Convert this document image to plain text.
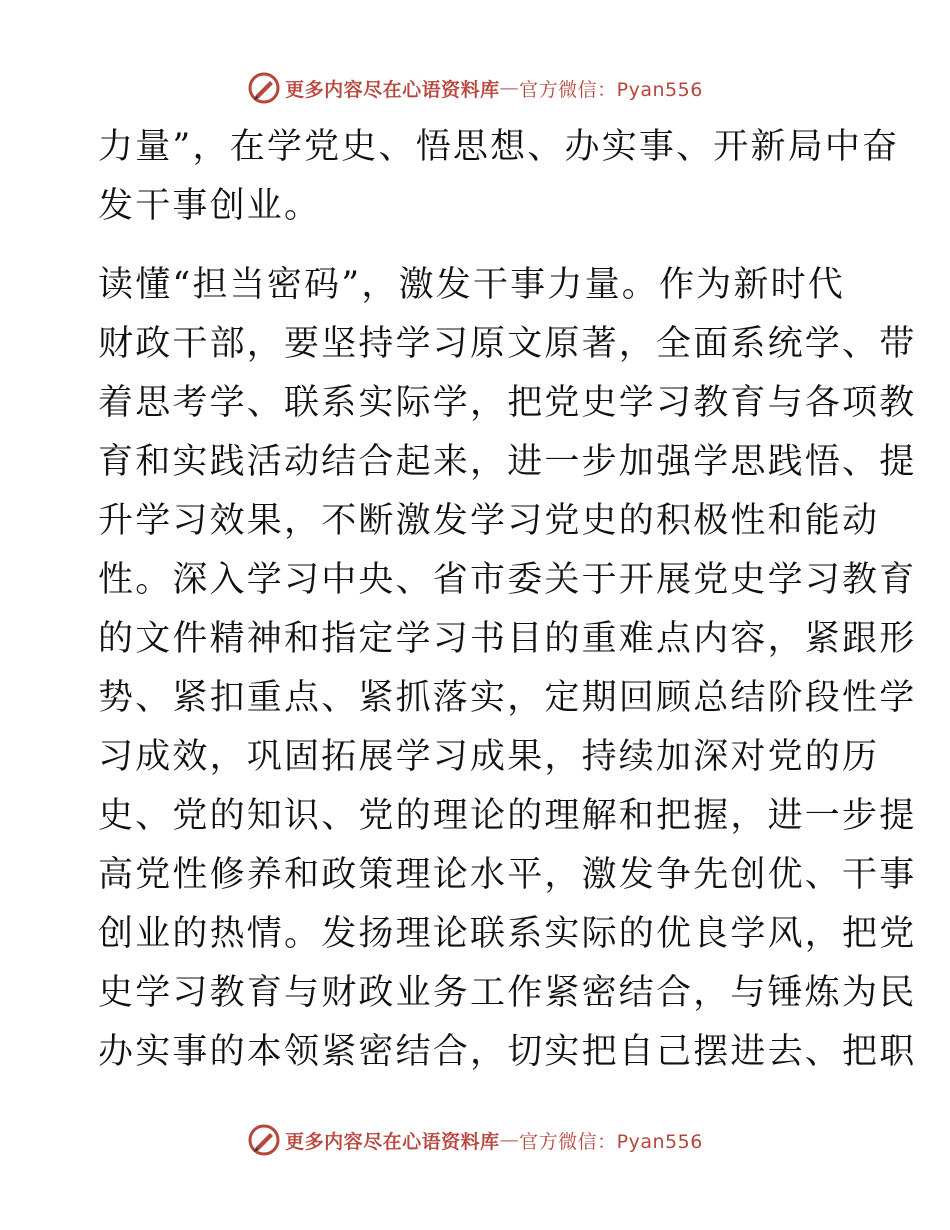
更多内容尽在心语资料库 — 官方微信：Pyan556
力量”，在学党史、悟思想、办实事、开新局中奋
发干事创业。
读懂“担当密码”，激发干事力量。作为新时代
财政干部，要坚持学习原文原著，全面系统学、带
着思考学、联系实际学，把党史学习教育与各项教
育和实践活动结合起来，进一步加强学思践悟、提
升学习效果，不断激发学习党史的积极性和能动
性。深入学习中央、省市委关于开展党史学习教育
的文件精神和指定学习书目的重难点内容，紧跟形
势、紧扣重点、紧抓落实，定期回顾总结阶段性学
习成效，巩固拓展学习成果，持续加深对党的历
史、党的知识、党的理论的理解和把握，进一步提
高党性修养和政策理论水平，激发争先创优、干事
创业的热情。发扬理论联系实际的优良学风，把党
史学习教育与财政业务工作紧密结合，与锤炼为民
办实事的本领紧密结合，切实把自己摆进去、把职
更多内容尽在心语资料库 — 官方微信：Pyan556
